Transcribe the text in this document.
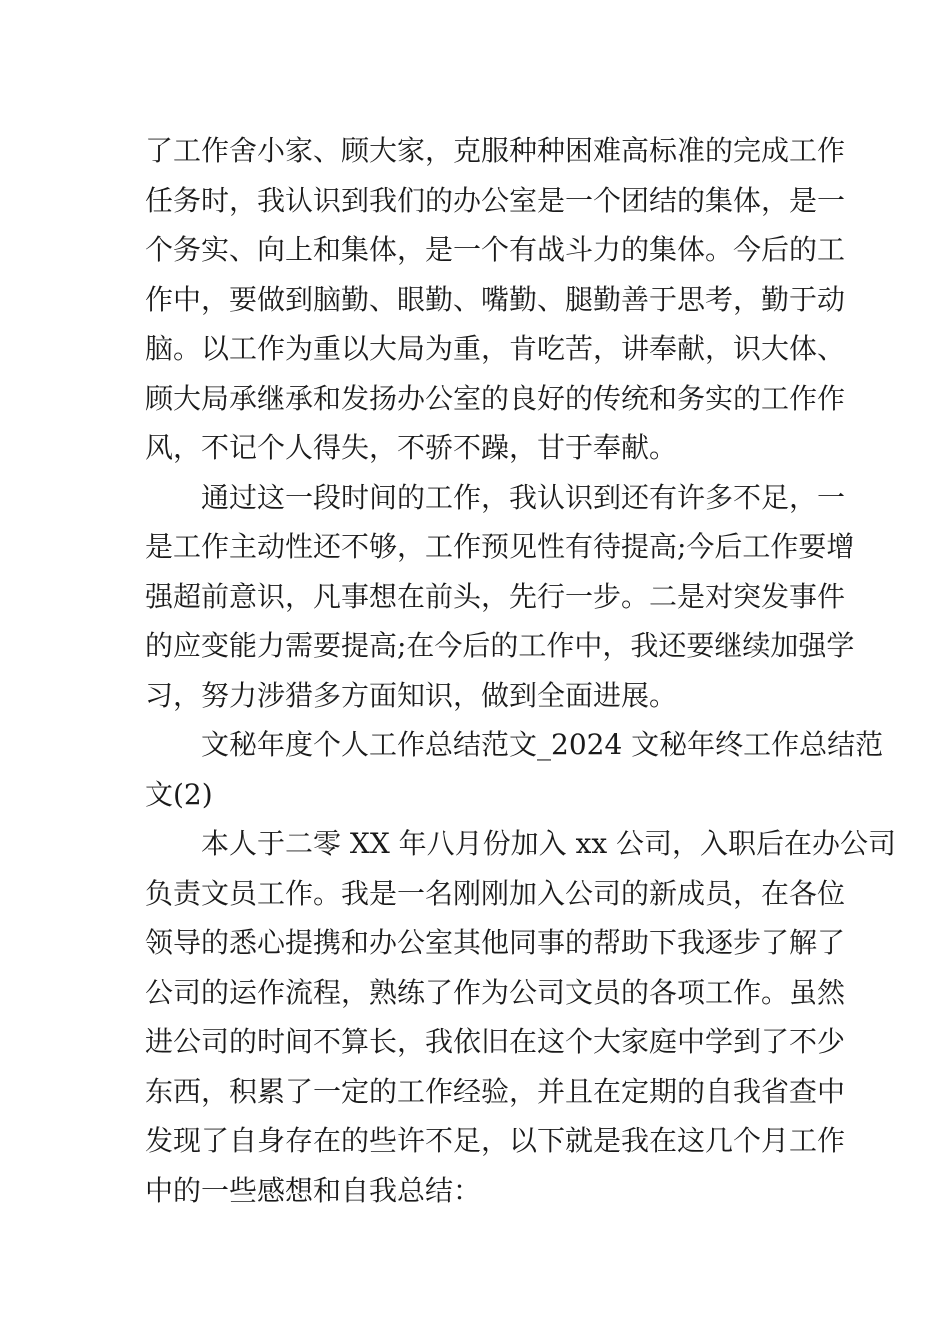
了工作舍小家、顾大家，克服种种困难高标准的完成工作
任务时，我认识到我们的办公室是一个团结的集体，是一
个务实、向上和集体，是一个有战斗力的集体。今后的工
作中，要做到脑勤、眼勤、嘴勤、腿勤善于思考，勤于动
脑。以工作为重以大局为重，肯吃苦，讲奉献，识大体、
顾大局承继承和发扬办公室的良好的传统和务实的工作作
风，不记个人得失，不骄不躁，甘于奉献。
通过这一段时间的工作，我认识到还有许多不足，一
是工作主动性还不够，工作预见性有待提高;今后工作要增
强超前意识，凡事想在前头，先行一步。二是对突发事件
的应变能力需要提高;在今后的工作中，我还要继续加强学
习，努力涉猎多方面知识，做到全面进展。
文秘年度个人工作总结范文_2024 文秘年终工作总结范
文(2)
本人于二零 XX 年八月份加入 xx 公司，入职后在办公司
负责文员工作。我是一名刚刚加入公司的新成员，在各位
领导的悉心提携和办公室其他同事的帮助下我逐步了解了
公司的运作流程，熟练了作为公司文员的各项工作。虽然
进公司的时间不算长，我依旧在这个大家庭中学到了不少
东西，积累了一定的工作经验，并且在定期的自我省查中
发现了自身存在的些许不足，以下就是我在这几个月工作
中的一些感想和自我总结：
